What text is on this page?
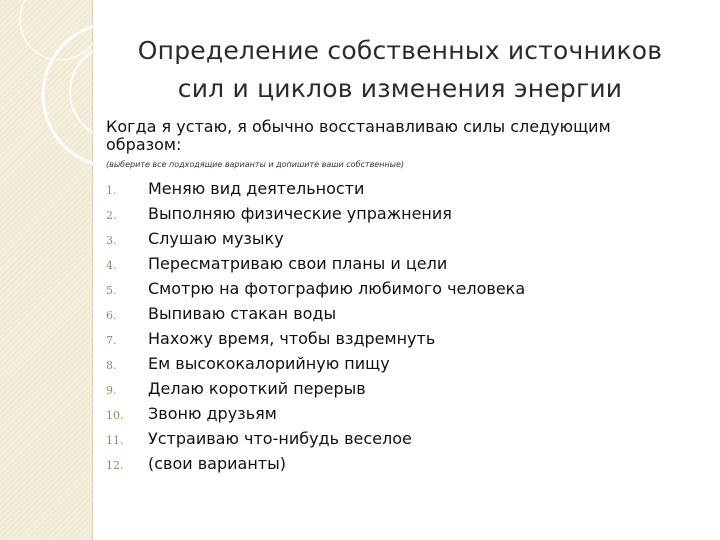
Определение собственных источников
сил и циклов изменения энергии
Когда я устаю, я обычно восстанавливаю силы следующим образом:
(выберите все подходящие варианты и допишите ваши собственные)
1.	Меняю вид деятельности
2.	Выполняю физические упражнения
3.	Слушаю музыку
4.	Пересматриваю свои планы и цели
5.	Смотрю на фотографию любимого человека
6.	Выпиваю стакан воды
7.	Нахожу время, чтобы вздремнуть
8.	Ем высококалорийную пищу
9.	Делаю короткий перерыв
10.	Звоню друзьям
11.	Устраиваю что-нибудь веселое
12.	(свои варианты)
